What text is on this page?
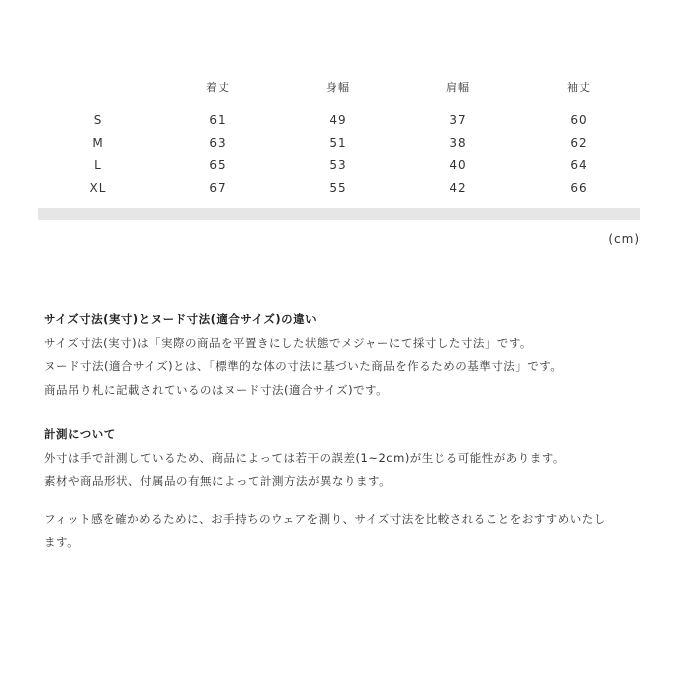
	着丈	身幅	肩幅	袖丈

S	61	49	37	60
M	63	51	38	62
L	65	53	40	64
XL	67	55	42	66
(cm)

サイズ寸法(実寸)とヌード寸法(適合サイズ)の違い

サイズ寸法(実寸)は「実際の商品を平置きにした状態でメジャーにて採寸した寸法」です。

ヌード寸法(適合サイズ)とは、「標準的な体の寸法に基づいた商品を作るための基準寸法」です。

商品吊り札に記載されているのはヌード寸法(適合サイズ)です。

計測について

外寸は手で計測しているため、商品によっては若干の誤差(1~2cm)が生じる可能性があります。

素材や商品形状、付属品の有無によって計測方法が異なります。

フィット感を確かめるために、お手持ちのウェアを測り、サイズ寸法を比較されることをおすすめいたし

ます。
